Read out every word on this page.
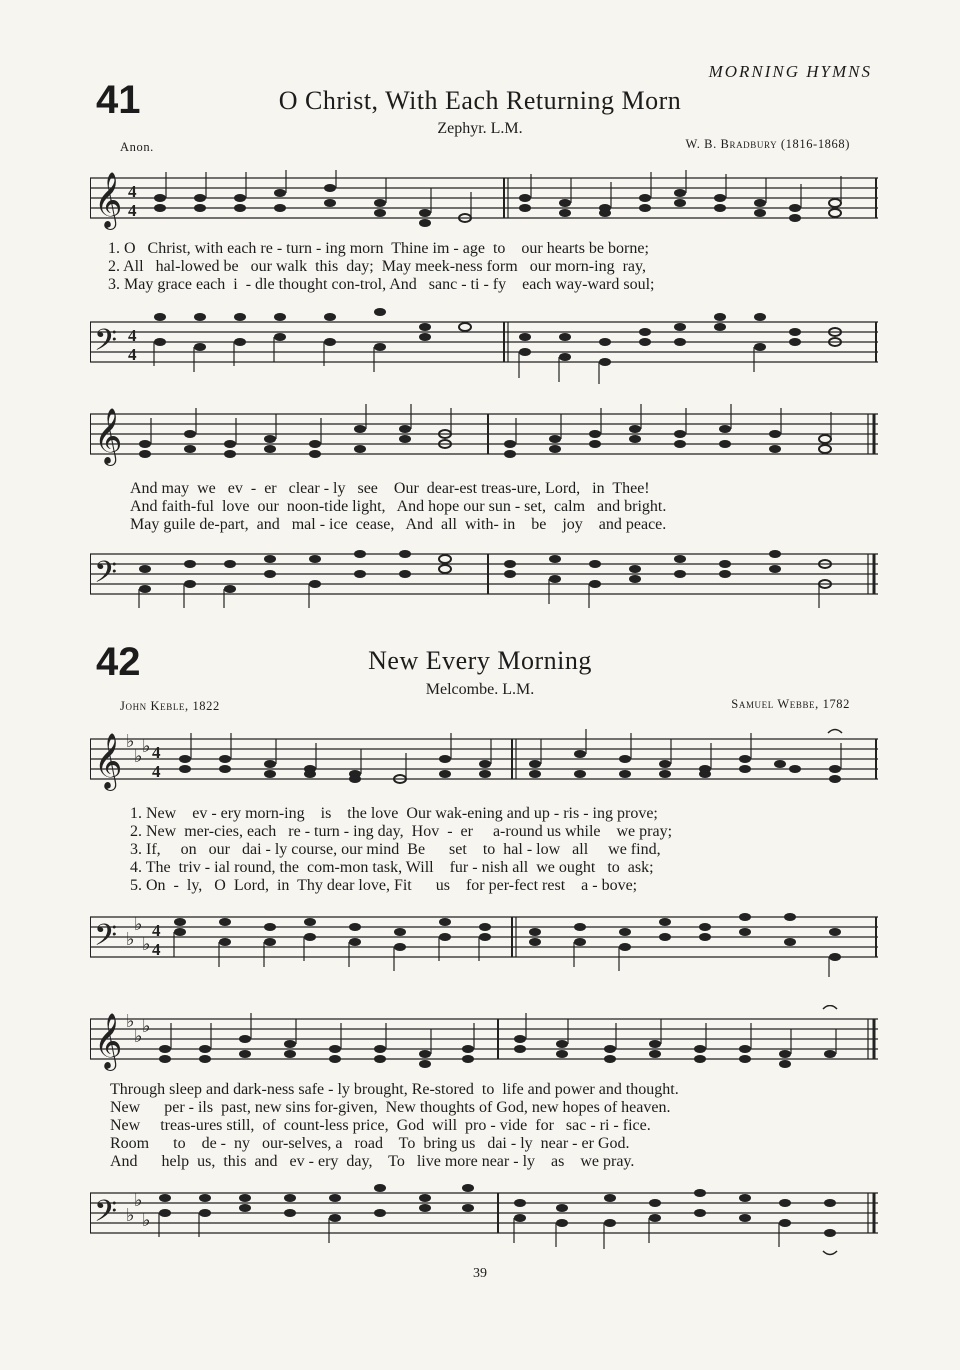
MORNING HYMNS
41	O Christ, With Each Returning Morn
Zephyr. L.M.
Anon.	W. B. Bradbury (1816-1868)
𝄞 4
4
1. O   Christ, with each re - turn - ing morn  Thine im - age  to    our hearts be borne;
2. All   hal-lowed be   our walk  this  day;  May meek-ness form   our morn-ing  ray,
3. May grace each  i  - dle thought con-trol, And   sanc - ti - fy    each way-ward soul;
𝄢 4
4
𝄞
And may  we   ev  -  er   clear - ly   see    Our  dear-est treas-ure, Lord,   in  Thee!
And faith-ful  love  our  noon-tide light,   And hope our sun - set,  calm   and bright.
May guile de-part,  and   mal - ice  cease,   And  all  with- in    be    joy    and peace.
𝄢
42	New Every Morning
Melcombe. L.M.
John Keble, 1822	Samuel Webbe, 1782
𝄞 ♭
♭ ♭ 4
4
1. New    ev - ery morn-ing    is    the love  Our wak-ening and up - ris - ing prove;
2. New  mer-cies, each   re - turn - ing day,  Hov  -  er     a-round us while    we pray;
3. If,     on   our   dai - ly course, our mind  Be      set    to  hal - low   all     we find,
4. The  triv - ial round, the  com-mon task, Will    fur - nish all  we ought   to  ask;
5. On  -  ly,   O  Lord,  in  Thy dear love, Fit      us    for per-fect rest    a - bove;
𝄢 ♭
♭
♭
4
4
𝄞 ♭
♭ ♭
Through sleep and dark-ness safe - ly brought, Re-stored  to  life and power and thought.
New      per - ils  past, new sins for-given,  New thoughts of God, new hopes of heaven.
New     treas-ures still,  of  count-less price,  God  will  pro - vide  for   sac - ri - fice.
Room      to    de -  ny   our-selves, a   road    To  bring us   dai - ly  near - er God.
And      help  us,  this  and   ev - ery  day,    To   live more near - ly    as    we pray.
𝄢 ♭
♭
♭
39
